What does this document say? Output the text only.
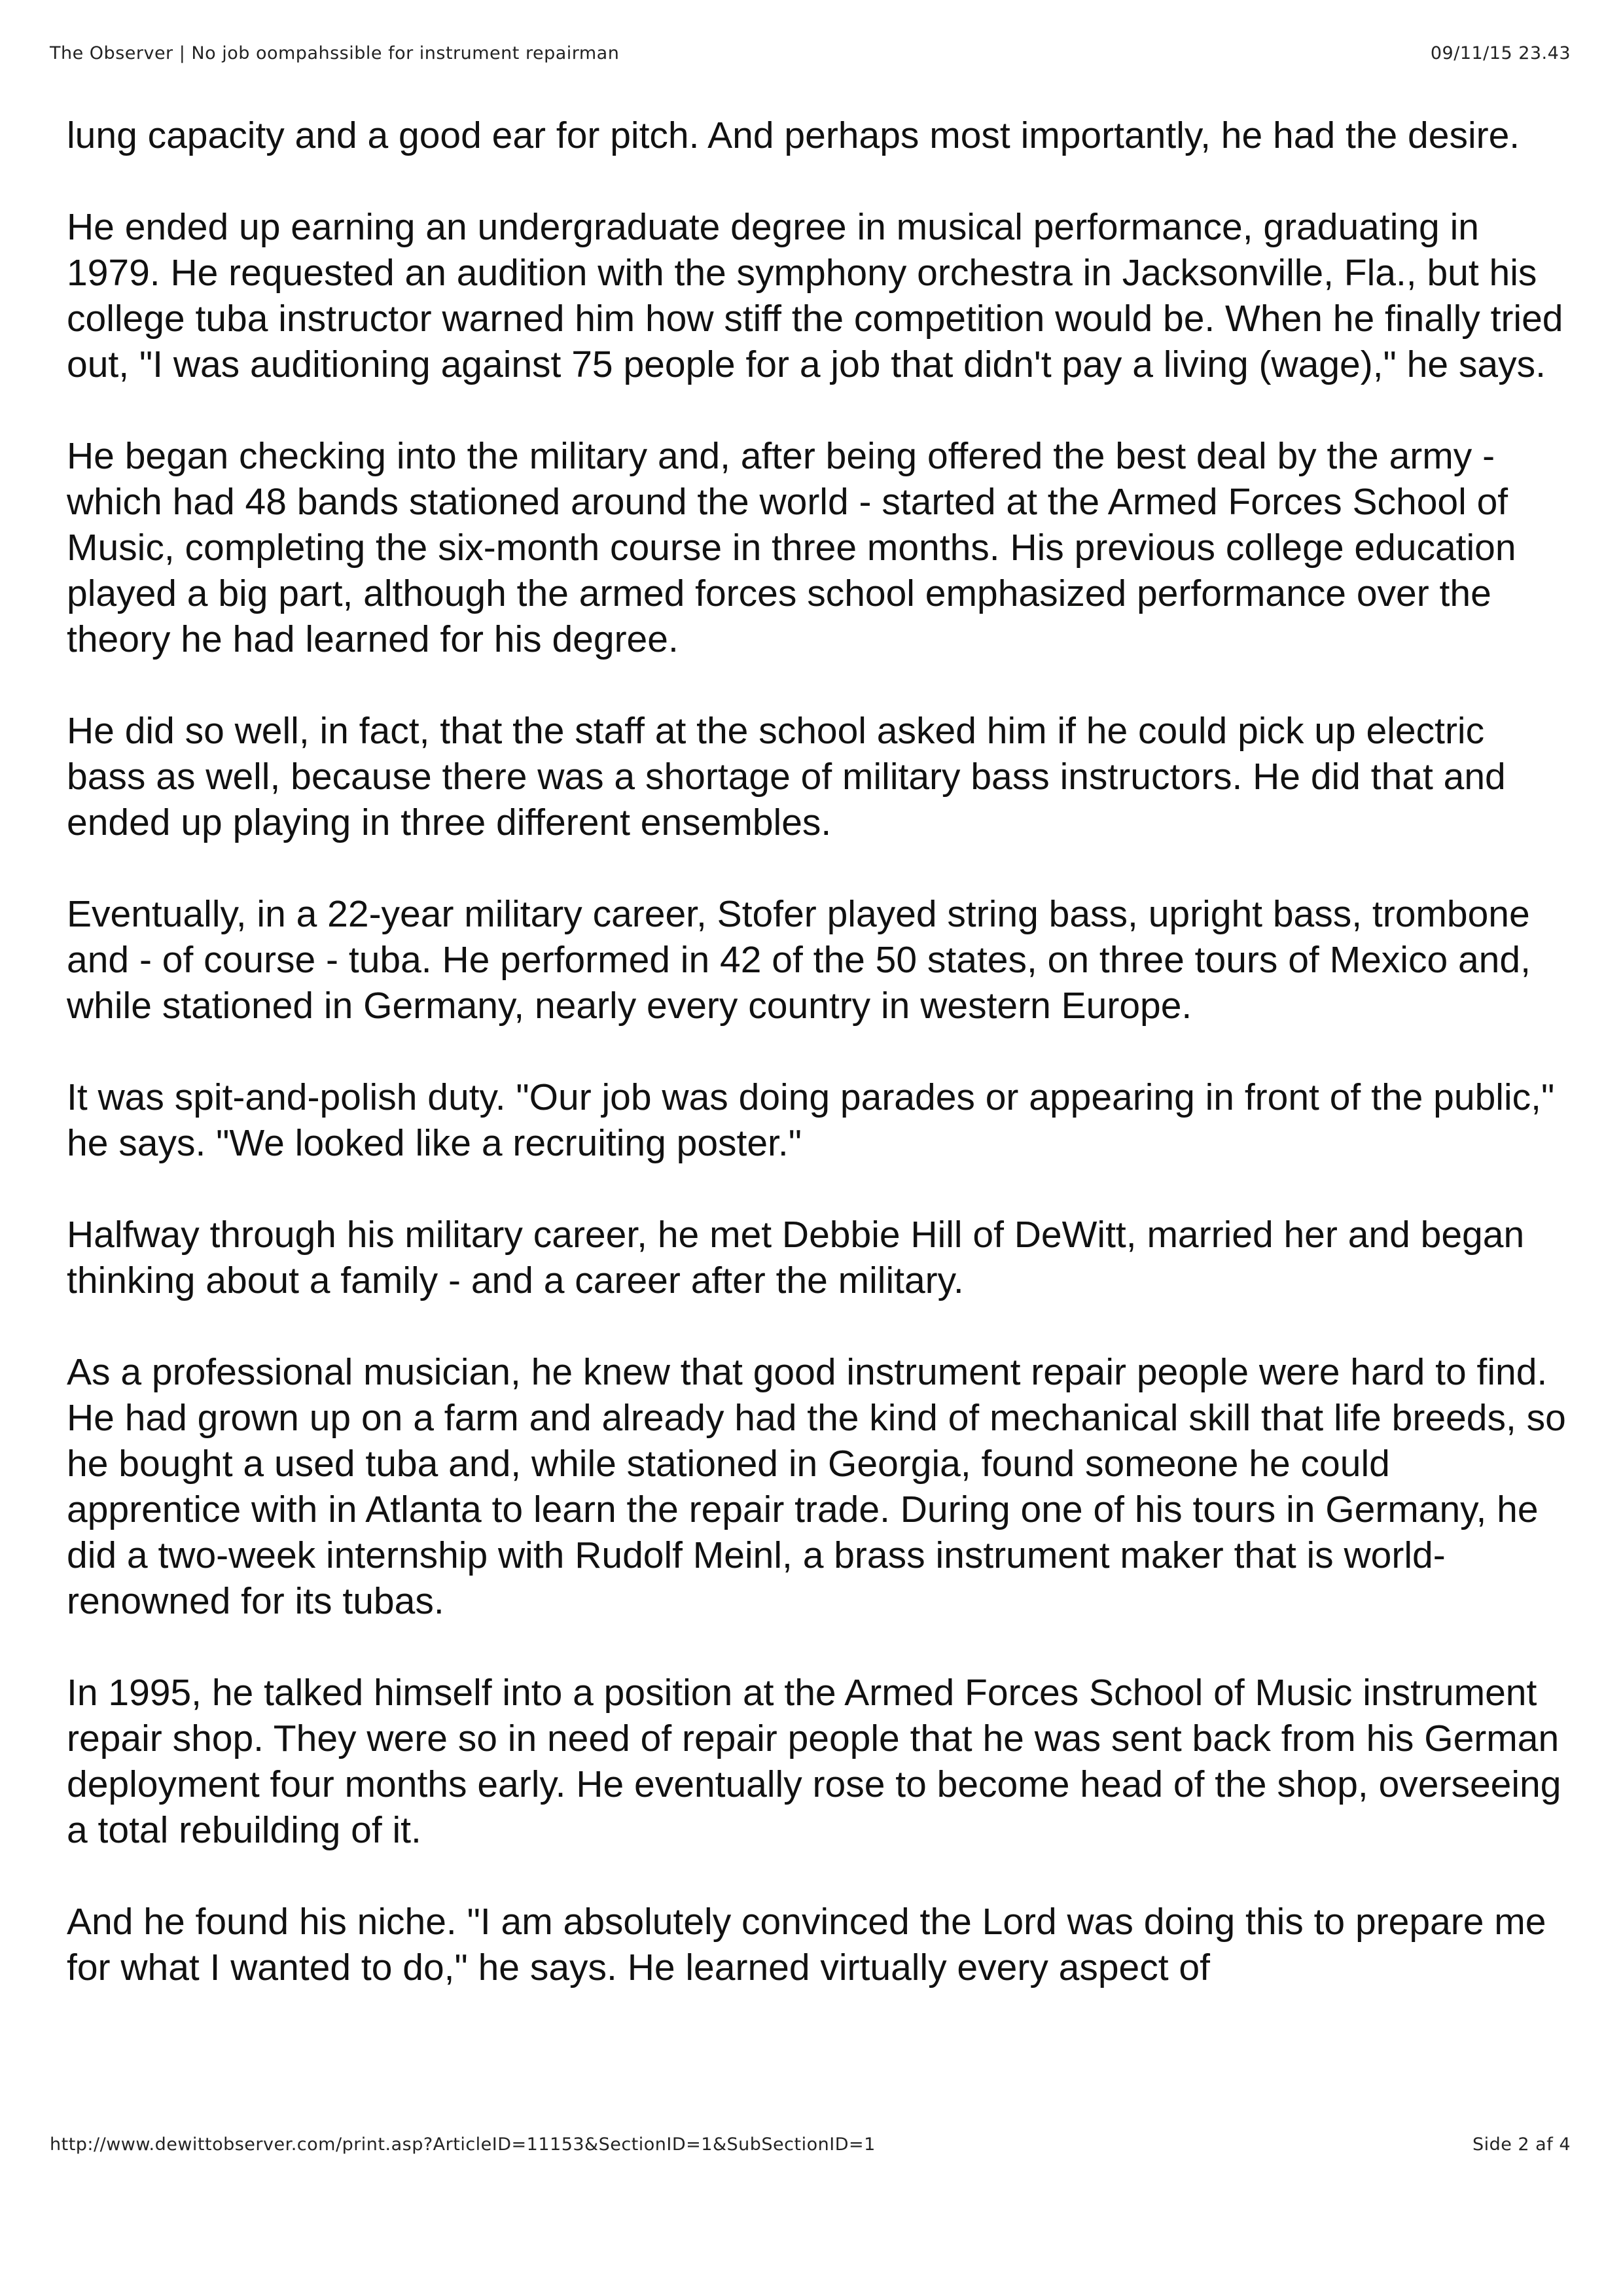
The Observer | No job oompahssible for instrument repairman	09/11/15 23.43

lung capacity and a good ear for pitch. And perhaps most importantly, he had the desire.

He ended up earning an undergraduate degree in musical performance, graduating in 1979. He requested an audition with the symphony orchestra in Jacksonville, Fla., but his college tuba instructor warned him how stiff the competition would be. When he finally tried out, "I was auditioning against 75 people for a job that didn't pay a living (wage)," he says.

He began checking into the military and, after being offered the best deal by the army - which had 48 bands stationed around the world - started at the Armed Forces School of Music, completing the six-month course in three months. His previous college education played a big part, although the armed forces school emphasized performance over the theory he had learned for his degree.

He did so well, in fact, that the staff at the school asked him if he could pick up electric bass as well, because there was a shortage of military bass instructors. He did that and ended up playing in three different ensembles.

Eventually, in a 22-year military career, Stofer played string bass, upright bass, trombone and - of course - tuba. He performed in 42 of the 50 states, on three tours of Mexico and, while stationed in Germany, nearly every country in western Europe.

It was spit-and-polish duty. "Our job was doing parades or appearing in front of the public," he says. "We looked like a recruiting poster."

Halfway through his military career, he met Debbie Hill of DeWitt, married her and began thinking about a family - and a career after the military.

As a professional musician, he knew that good instrument repair people were hard to find. He had grown up on a farm and already had the kind of mechanical skill that life breeds, so he bought a used tuba and, while stationed in Georgia, found someone he could apprentice with in Atlanta to learn the repair trade. During one of his tours in Germany, he did a two-week internship with Rudolf Meinl, a brass instrument maker that is world-renowned for its tubas.

In 1995, he talked himself into a position at the Armed Forces School of Music instrument repair shop. They were so in need of repair people that he was sent back from his German deployment four months early. He eventually rose to become head of the shop, overseeing a total rebuilding of it.

And he found his niche. "I am absolutely convinced the Lord was doing this to prepare me for what I wanted to do," he says. He learned virtually every aspect of

http://www.dewittobserver.com/print.asp?ArticleID=11153&SectionID=1&SubSectionID=1	Side 2 af 4
